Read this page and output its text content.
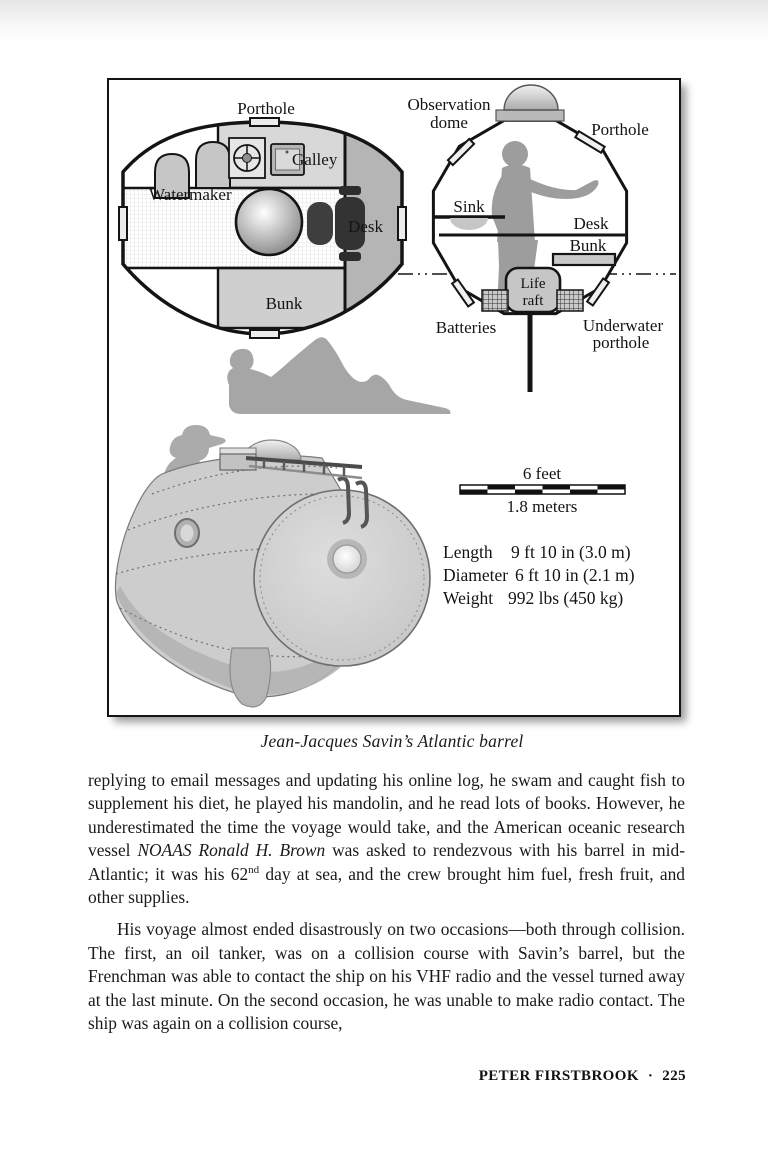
Porthole
Galley
Watermaker
Desk
Bunk
Observation
dome	Porthole
Sink
Desk
Bunk
Life
raft
Batteries	Underwater
porthole
6 feet
1.8 meters
Length 9 ft 10 in (3.0 m)
Diameter 6 ft 10 in (2.1 m)
Weight 992 lbs (450 kg)
Jean-Jacques Savin’s Atlantic barrel

replying to email messages and updating his online log, he swam and caught fish to supplement his diet, he played his mandolin, and he read lots of books. However, he underestimated the time the voyage would take, and the American oceanic research vessel NOAAS Ronald H. Brown was asked to rendezvous with his barrel in mid-Atlantic; it was his 62nd day at sea, and the crew brought him fuel, fresh fruit, and other supplies.

His voyage almost ended disastrously on two occasions—both through collision. The first, an oil tanker, was on a collision course with Savin’s barrel, but the Frenchman was able to contact the ship on his VHF radio and the vessel turned away at the last minute. On the second occasion, he was unable to make radio contact. The ship was again on a collision course,

PETER FIRSTBROOK · 225
